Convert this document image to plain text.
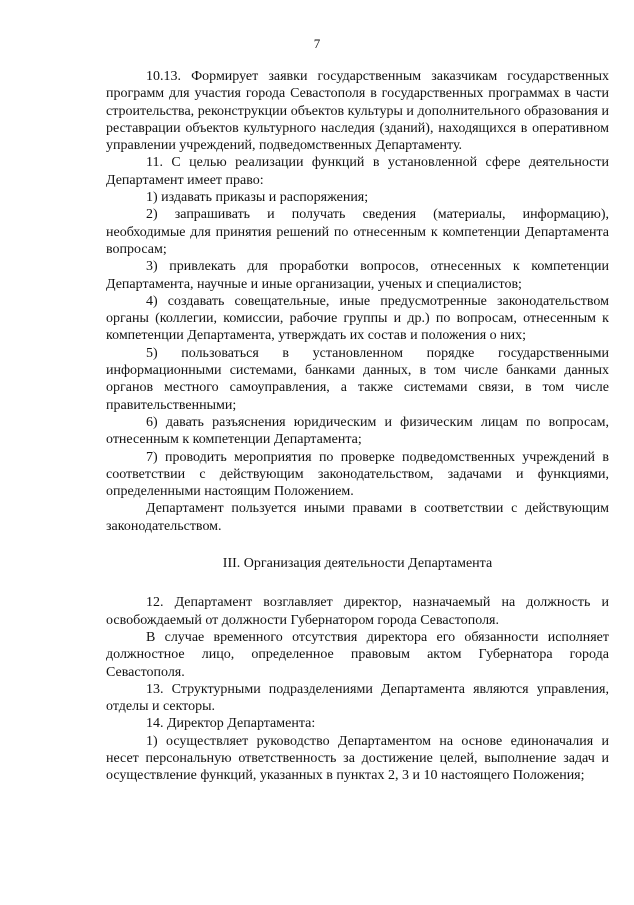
7

10.13. Формирует заявки государственным заказчикам государственных программ для участия города Севастополя в государственных программах в части строительства, реконструкции объектов культуры и дополнительного образования и реставрации объектов культурного наследия (зданий), находящихся в оперативном управлении учреждений, подведомственных Департаменту.

11. С целью реализации функций в установленной сфере деятельности Департамент имеет право:

1) издавать приказы и распоряжения;

2) запрашивать и получать сведения (материалы, информацию), необходимые для принятия решений по отнесенным к компетенции Департамента вопросам;

3) привлекать для проработки вопросов, отнесенных к компетенции Департамента, научные и иные организации, ученых и специалистов;

4) создавать совещательные, иные предусмотренные законодательством органы (коллегии, комиссии, рабочие группы и др.) по вопросам, отнесенным к компетенции Департамента, утверждать их состав и положения о них;

5) пользоваться в установленном порядке государственными информационными системами, банками данных, в том числе банками данных органов местного самоуправления, а также системами связи, в том числе правительственными;

6) давать разъяснения юридическим и физическим лицам по вопросам, отнесенным к компетенции Департамента;

7) проводить мероприятия по проверке подведомственных учреждений в соответствии с действующим законодательством, задачами и функциями, определенными настоящим Положением.

Департамент пользуется иными правами в соответствии с действующим законодательством.

III. Организация деятельности Департамента

12. Департамент возглавляет директор, назначаемый на должность и освобождаемый от должности Губернатором города Севастополя.

В случае временного отсутствия директора его обязанности исполняет должностное лицо, определенное правовым актом Губернатора города Севастополя.

13. Структурными подразделениями Департамента являются управления, отделы и секторы.

14. Директор Департамента:

1) осуществляет руководство Департаментом на основе единоначалия и несет персональную ответственность за достижение целей, выполнение задач и осуществление функций, указанных в пунктах 2, 3 и 10 настоящего Положения;
